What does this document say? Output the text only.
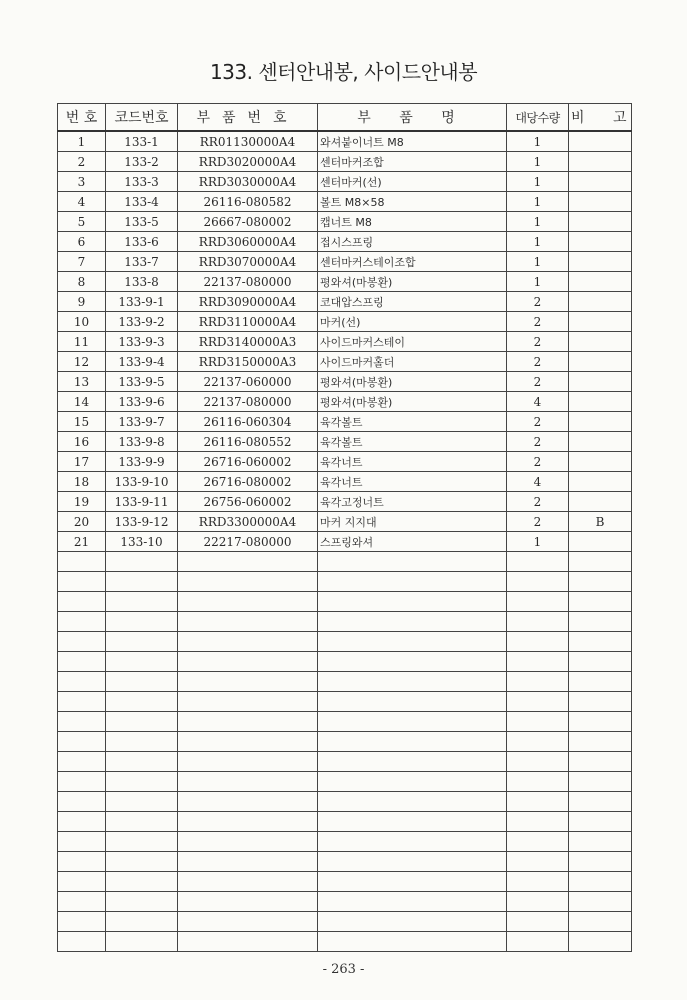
133. 센터안내봉, 사이드안내봉
번 호	코드번호	부품번호	부 품 명	대당수량	비 고
1	133-1	RR01130000A4	와셔붙이너트 M8	1	
2	133-2	RRD3020000A4	센터마커조합	1	
3	133-3	RRD3030000A4	센터마커(선)	1	
4	133-4	26116-080582	볼트 M8×58	1	
5	133-5	26667-080002	캡너트 M8	1	
6	133-6	RRD3060000A4	접시스프링	1	
7	133-7	RRD3070000A4	센터마커스테이조합	1	
8	133-8	22137-080000	평와셔(마봉환)	1	
9	133-9-1	RRD3090000A4	코대압스프링	2	
10	133-9-2	RRD3110000A4	마커(선)	2	
11	133-9-3	RRD3140000A3	사이드마커스테이	2	
12	133-9-4	RRD3150000A3	사이드마커홀더	2	
13	133-9-5	22137-060000	평와셔(마봉환)	2	
14	133-9-6	22137-080000	평와셔(마봉환)	4	
15	133-9-7	26116-060304	육각볼트	2	
16	133-9-8	26116-080552	육각볼트	2	
17	133-9-9	26716-060002	육각너트	2	
18	133-9-10	26716-080002	육각너트	4	
19	133-9-11	26756-060002	육각고정너트	2	
20	133-9-12	RRD3300000A4	마커 지지대	2	B
21	133-10	22217-080000	스프링와셔	1	

- 263 -
